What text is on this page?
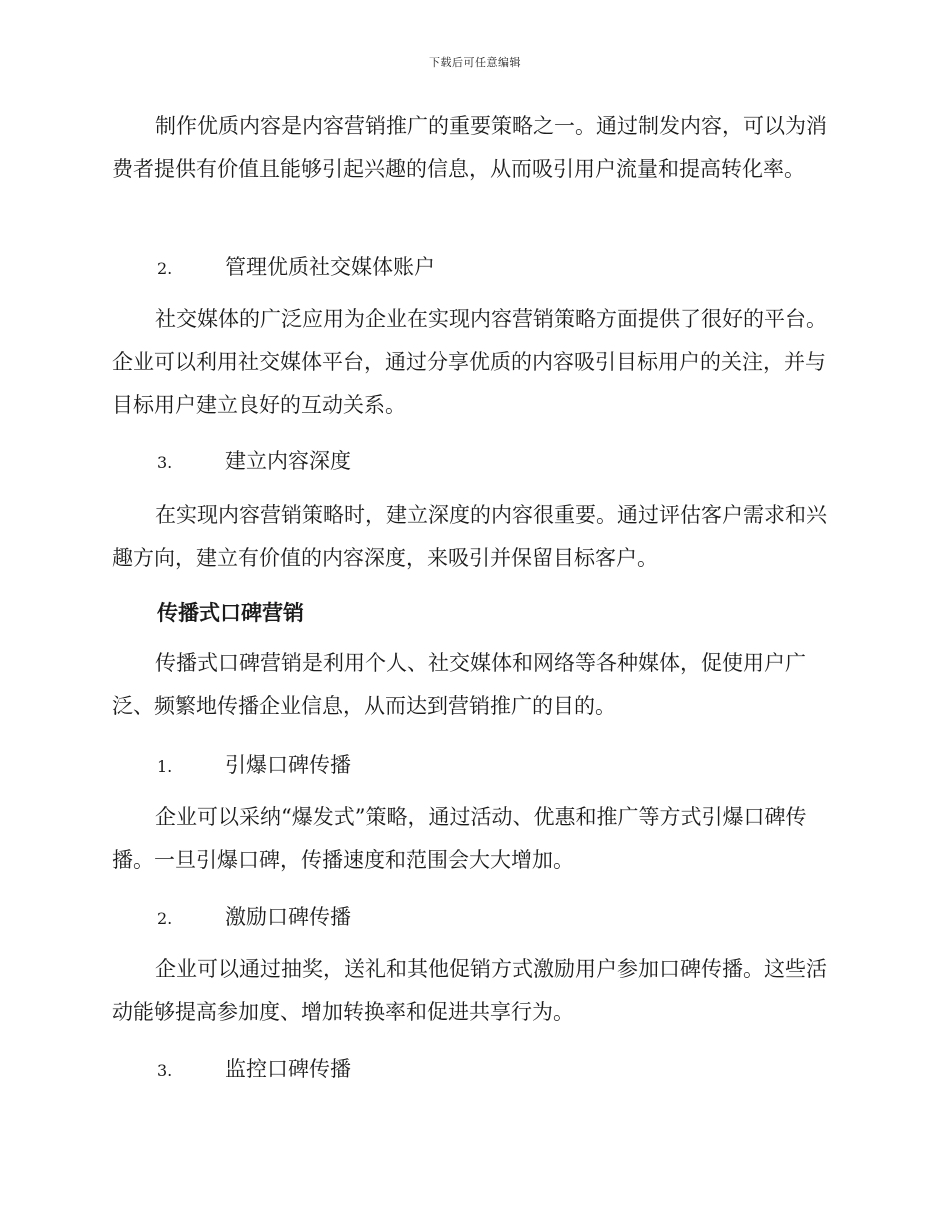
下载后可任意编辑

制作优质内容是内容营销推广的重要策略之一。通过制发内容，可以为消费者提供有价值且能够引起兴趣的信息，从而吸引用户流量和提高转化率。

2.	管理优质社交媒体账户

社交媒体的广泛应用为企业在实现内容营销策略方面提供了很好的平台。企业可以利用社交媒体平台，通过分享优质的内容吸引目标用户的关注，并与目标用户建立良好的互动关系。

3.	建立内容深度

在实现内容营销策略时，建立深度的内容很重要。通过评估客户需求和兴趣方向，建立有价值的内容深度，来吸引并保留目标客户。

传播式口碑营销

传播式口碑营销是利用个人、社交媒体和网络等各种媒体，促使用户广泛、频繁地传播企业信息，从而达到营销推广的目的。

1.	引爆口碑传播

企业可以采纳“爆发式”策略，通过活动、优惠和推广等方式引爆口碑传播。一旦引爆口碑，传播速度和范围会大大增加。

2.	激励口碑传播

企业可以通过抽奖，送礼和其他促销方式激励用户参加口碑传播。这些活动能够提高参加度、增加转换率和促进共享行为。

3.	监控口碑传播
